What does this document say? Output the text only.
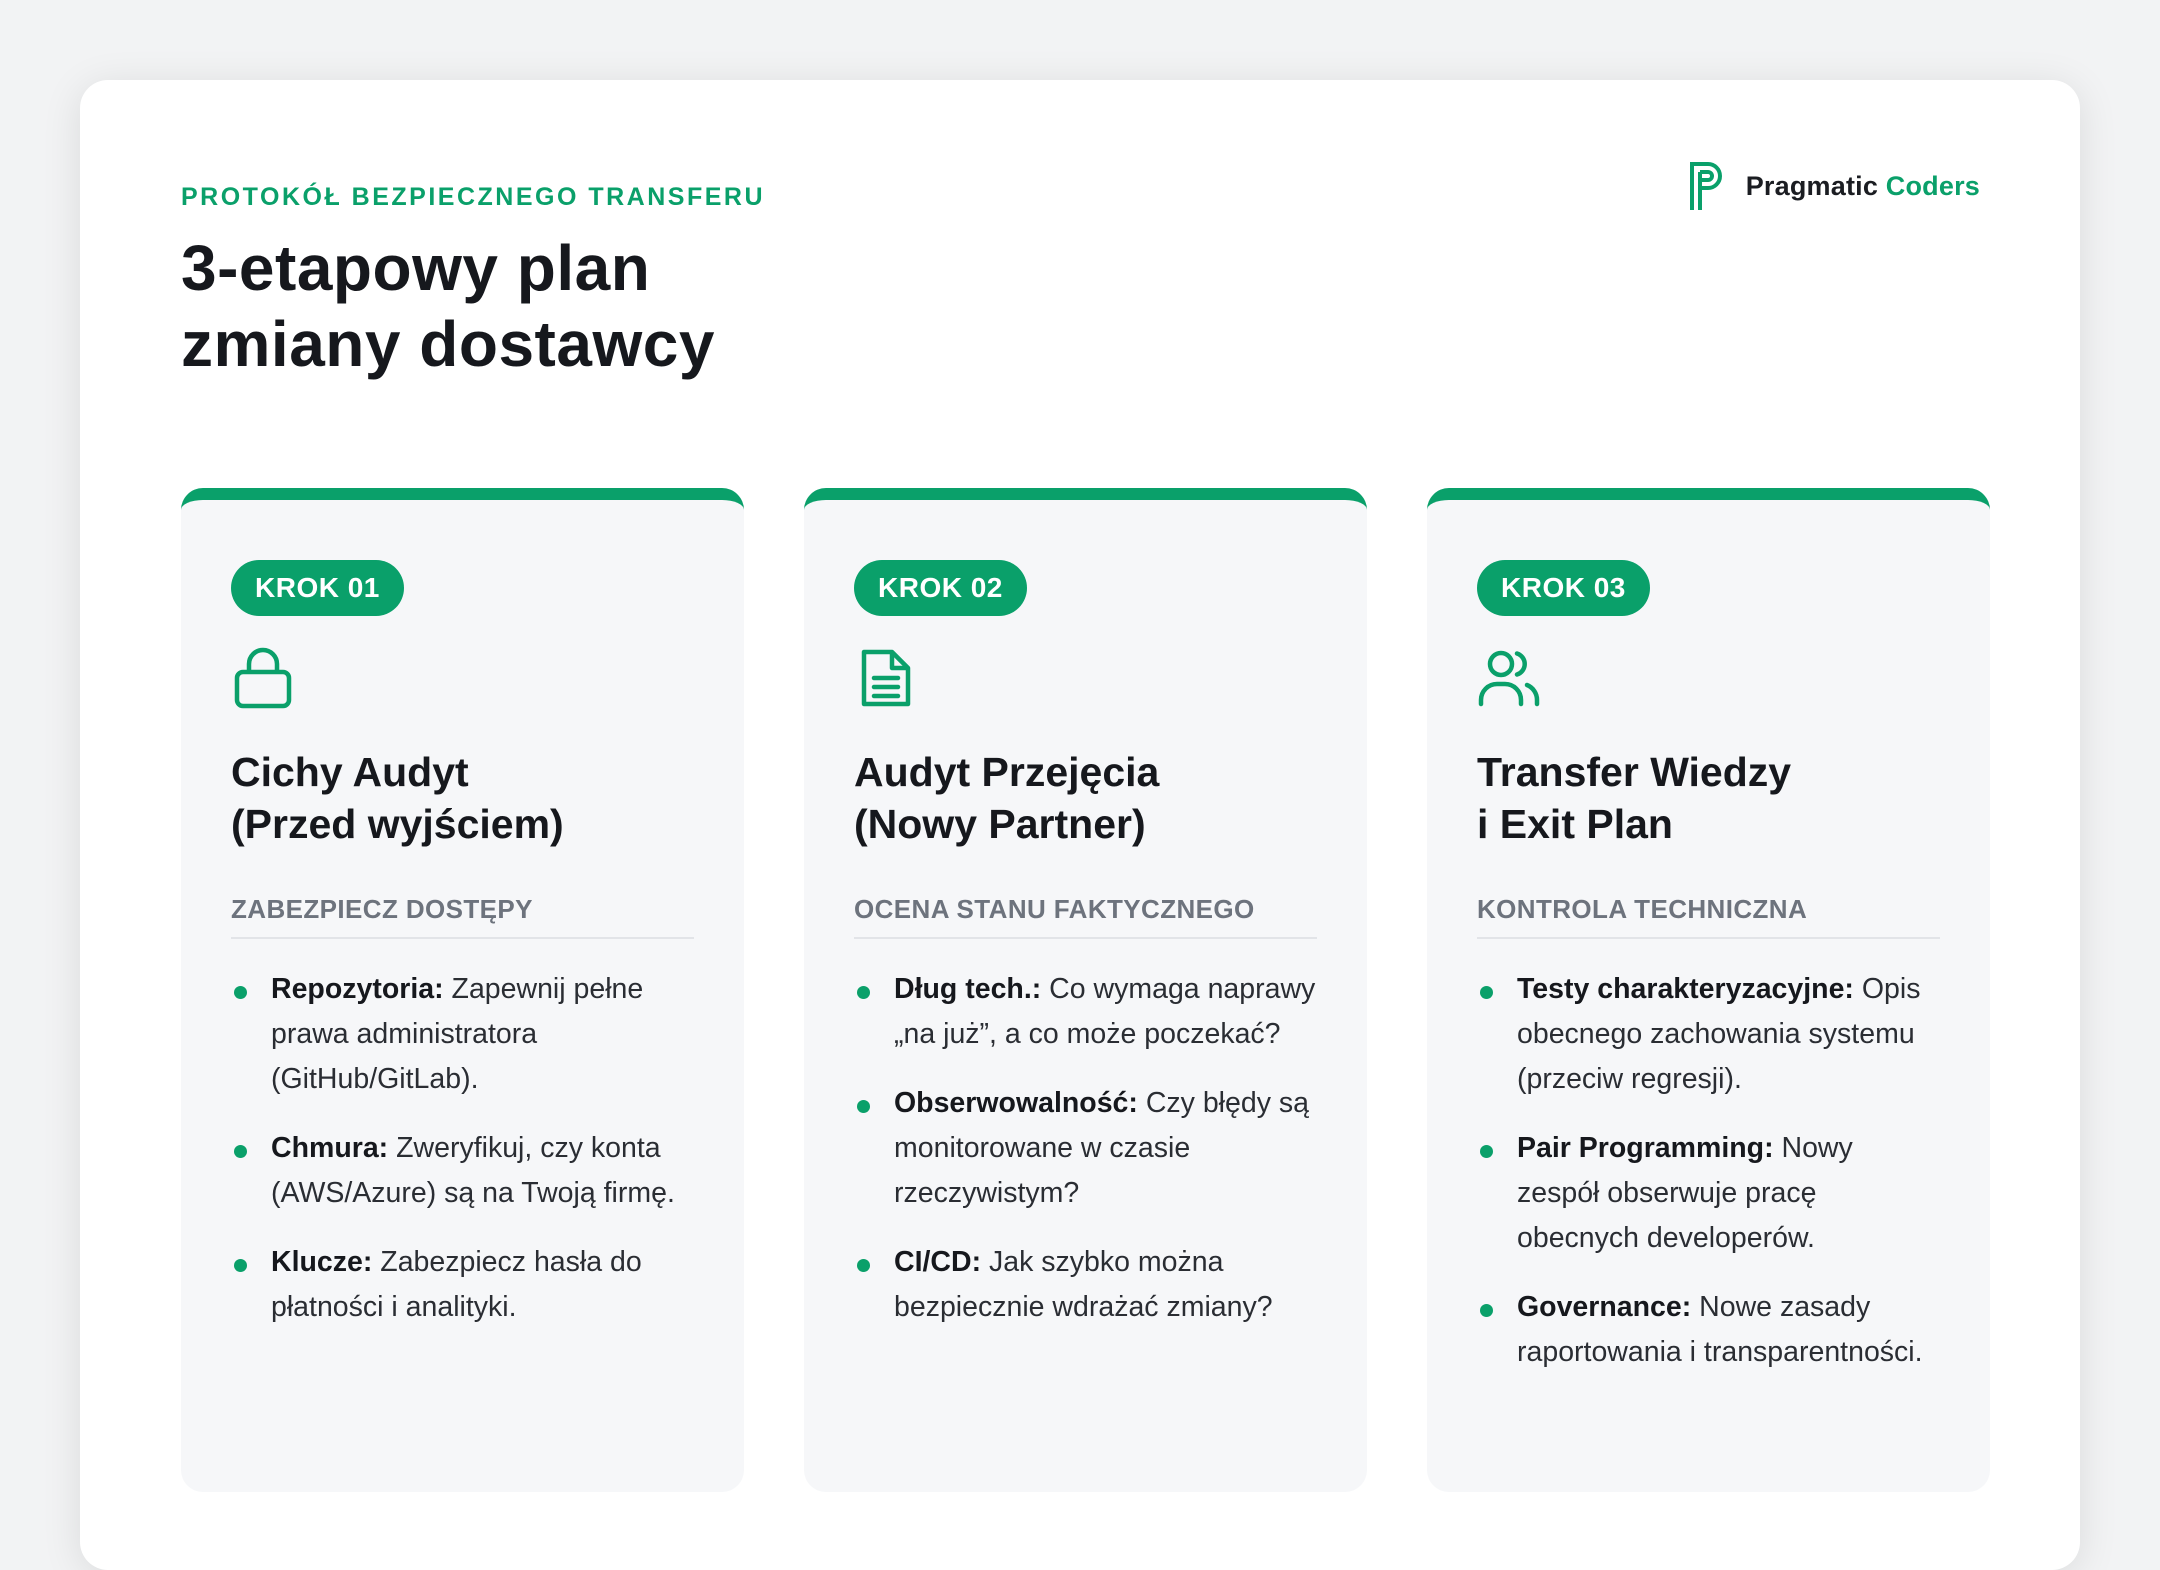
PROTOKÓŁ BEZPIECZNEGO TRANSFERU
3-etapowy plan
zmiany dostawcy
Pragmatic Coders
KROK 01
Cichy Audyt
(Przed wyjściem)
ZABEZPIECZ DOSTĘPY
Repozytoria: Zapewnij pełne prawa administratora (GitHub/GitLab).
Chmura: Zweryfikuj, czy konta (AWS/Azure) są na Twoją firmę.
Klucze: Zabezpiecz hasła do płatności i analityki.
KROK 02
Audyt Przejęcia
(Nowy Partner)
OCENA STANU FAKTYCZNEGO
Dług tech.: Co wymaga naprawy „na już”, a co może poczekać?
Obserwowalność: Czy błędy są monitorowane w czasie rzeczywistym?
CI/CD: Jak szybko można bezpiecznie wdrażać zmiany?
KROK 03
Transfer Wiedzy
i Exit Plan
KONTROLA TECHNICZNA
Testy charakteryzacyjne: Opis obecnego zachowania systemu (przeciw regresji).
Pair Programming: Nowy zespół obserwuje pracę obecnych developerów.
Governance: Nowe zasady raportowania i transparentności.
